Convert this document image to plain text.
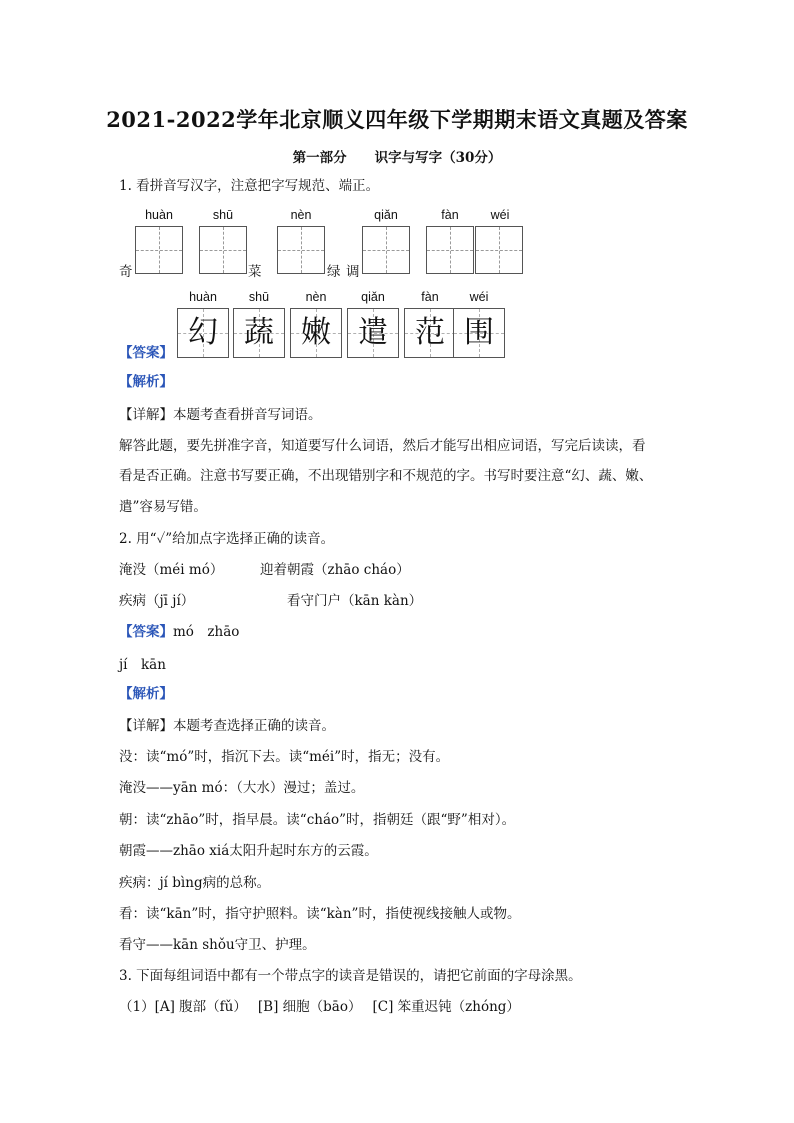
2021-2022学年北京顺义四年级下学期期末语文真题及答案
第一部分 识字与写字（30分）
1. 看拼音写汉字，注意把字写规范、端正。
huàn	shū	nèn	qiǎn	fàn	wéi
奇	菜	绿 调
huàn	shū	nèn	qiǎn	fàn	wéi
幻 蔬 嫩 遣 范 围
【答案】
【解析】
【详解】本题考查看拼音写词语。
解答此题，要先拼准字音，知道要写什么词语，然后才能写出相应词语，写完后读读，看
看是否正确。注意书写要正确，不出现错别字和不规范的字。书写时要注意“幻、蔬、嫩、
遣”容易写错。
2. 用“✓”给加点字选择正确的读音。
淹没（méi mó）	迎着朝霞（zhāo cháo）
疾病（jī jí）	看守门户（kān kàn）
【答案】mó　zhāo
jí　kān
【解析】
【详解】本题考查选择正确的读音。
没：读“mó”时，指沉下去。读“méi”时，指无；没有。
淹没——yān mó：（大水）漫过；盖过。
朝：读“zhāo”时，指早晨。读“cháo”时，指朝廷（跟“野”相对）。
朝霞——zhāo xiá太阳升起时东方的云霞。
疾病：jí bìng病的总称。
看：读“kān”时，指守护照料。读“kàn”时，指使视线接触人或物。
看守——kān shǒu守卫、护理。
3. 下面每组词语中都有一个带点字的读音是错误的，请把它前面的字母涂黑。
（1）[A] 腹部（fǔ）　 [B] 细胞（bāo）　 [C] 笨重迟钝（zhóng）
